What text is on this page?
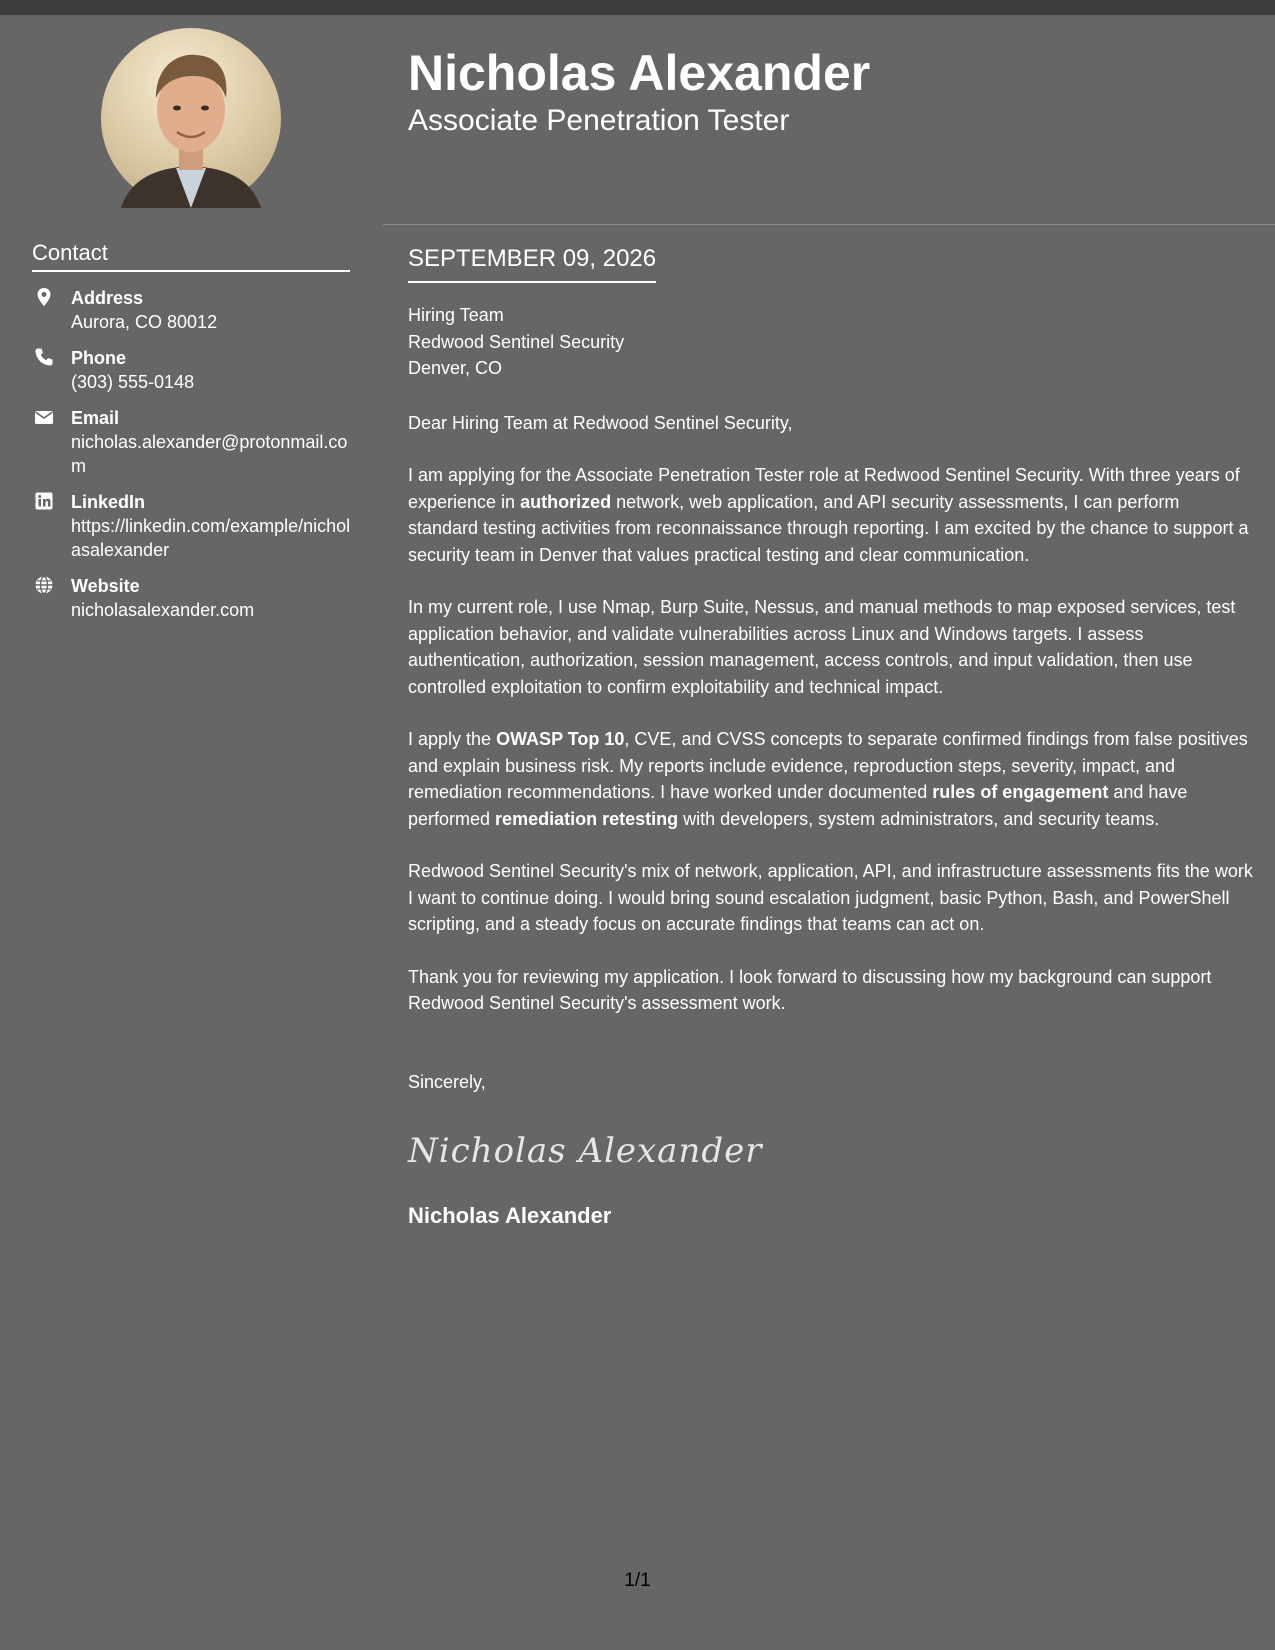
Contact
Address
Aurora, CO 80012
Phone
(303) 555-0148
Email
nicholas.alexander@protonmail.com
LinkedIn
https://linkedin.com/example/nicholasalexander
Website
nicholasalexander.com
Nicholas Alexander
Associate Penetration Tester
SEPTEMBER 09, 2026
Hiring Team
Redwood Sentinel Security
Denver, CO

Dear Hiring Team at Redwood Sentinel Security,

I am applying for the Associate Penetration Tester role at Redwood Sentinel Security. With three years of experience in authorized network, web application, and API security assessments, I can perform standard testing activities from reconnaissance through reporting. I am excited by the chance to support a security team in Denver that values practical testing and clear communication.

In my current role, I use Nmap, Burp Suite, Nessus, and manual methods to map exposed services, test application behavior, and validate vulnerabilities across Linux and Windows targets. I assess authentication, authorization, session management, access controls, and input validation, then use controlled exploitation to confirm exploitability and technical impact.

I apply the OWASP Top 10, CVE, and CVSS concepts to separate confirmed findings from false positives and explain business risk. My reports include evidence, reproduction steps, severity, impact, and remediation recommendations. I have worked under documented rules of engagement and have performed remediation retesting with developers, system administrators, and security teams.

Redwood Sentinel Security's mix of network, application, API, and infrastructure assessments fits the work I want to continue doing. I would bring sound escalation judgment, basic Python, Bash, and PowerShell scripting, and a steady focus on accurate findings that teams can act on.

Thank you for reviewing my application. I look forward to discussing how my background can support Redwood Sentinel Security's assessment work.

Sincerely,
Nicholas Alexander
Nicholas Alexander
1/1
